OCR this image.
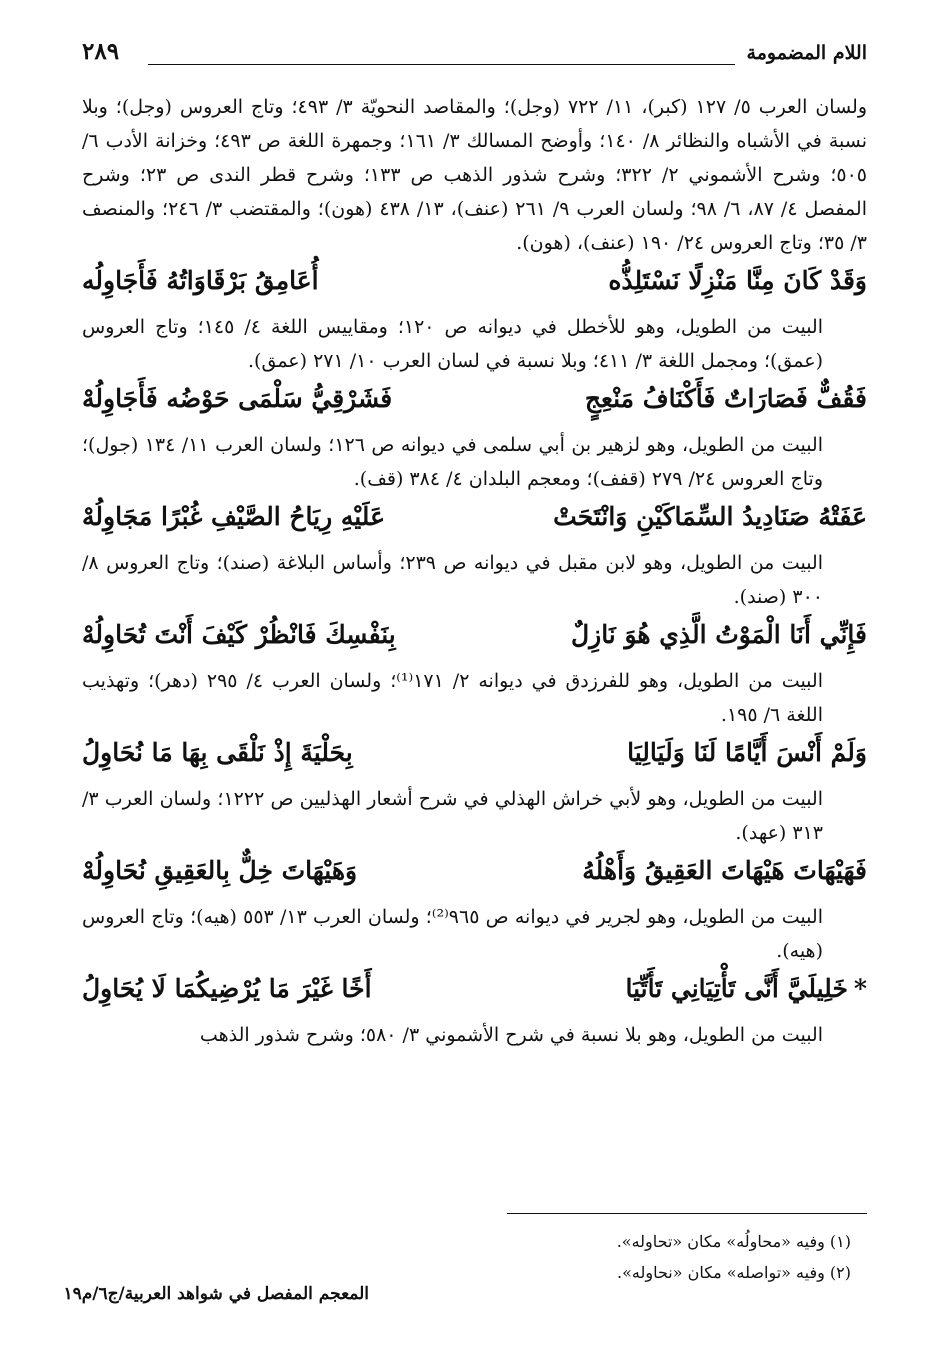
اللام المضمومة
٢٨٩

ولسان العرب ٥/ ١٢٧ (كبر)، ١١/ ٧٢٢ (وجل)؛ والمقاصد النحويّة ٣/ ٤٩٣؛ وتاج العروس (وجل)؛ وبلا نسبة في الأشباه والنظائر ٨/ ١٤٠؛ وأوضح المسالك ٣/ ١٦١؛ وجمهرة اللغة ص ٤٩٣؛ وخزانة الأدب ٦/ ٥٠٥؛ وشرح الأشموني ٢/ ٣٢٢؛ وشرح شذور الذهب ص ١٣٣؛ وشرح قطر الندى ص ٢٣؛ وشرح المفصل ٤/ ٨٧، ٦/ ٩٨؛ ولسان العرب ٩/ ٢٦١ (عنف)، ١٣/ ٤٣٨ (هون)؛ والمقتضب ٣/ ٢٤٦؛ والمنصف ٣/ ٣٥؛ وتاج العروس ٢٤/ ١٩٠ (عنف)، (هون).

وَقَدْ كَانَ مِنَّا مَنْزِلًا نَسْتَلِذُّه
أُعَامِقُ بَرْقَاوَاتُهُ فَأَجَاوِلُه

البيت من الطويل، وهو للأخطل في ديوانه ص ١٢٠؛ ومقاييس اللغة ٤/ ١٤٥؛ وتاج العروس (عمق)؛ ومجمل اللغة ٣/ ٤١١؛ وبلا نسبة في لسان العرب ١٠/ ٢٧١ (عمق).

فَقُفٌّ فَصَارَاتٌ فَأَكْنَافُ مَنْعِجٍ
فَشَرْقِيُّ سَلْمَى حَوْضُه فَأَجَاوِلُهْ

البيت من الطويل، وهو لزهير بن أبي سلمى في ديوانه ص ١٢٦؛ ولسان العرب ١١/ ١٣٤ (جول)؛ وتاج العروس ٢٤/ ٢٧٩ (قفف)؛ ومعجم البلدان ٤/ ٣٨٤ (قف).

عَفَتْهُ صَنَادِيدُ السِّمَاكَيْنِ وَانْتَحَتْ
عَلَيْهِ رِيَاحُ الصَّيْفِ غُبْرًا مَجَاوِلُهْ

البيت من الطويل، وهو لابن مقبل في ديوانه ص ٢٣٩؛ وأساس البلاغة (صند)؛ وتاج العروس ٨/ ٣٠٠ (صند).

فَإِنِّي أَنَا الْمَوْتُ الَّذِي هُوَ نَازِلٌ
بِنَفْسِكَ فَانْظُرْ كَيْفَ أَنْتَ تُحَاوِلُهْ

البيت من الطويل، وهو للفرزدق في ديوانه ٢/ ١٧١⁽¹⁾؛ ولسان العرب ٤/ ٢٩٥ (دهر)؛ وتهذيب اللغة ٦/ ١٩٥.

وَلَمْ أَنْسَ أَيَّامًا لَنَا وَلَيَالِيَا
بِحَلْيَةَ إِذْ نَلْقَى بِهَا مَا نُحَاوِلُ

البيت من الطويل، وهو لأبي خراش الهذلي في شرح أشعار الهذليين ص ١٢٢٢؛ ولسان العرب ٣/ ٣١٣ (عهد).

فَهَيْهَاتَ هَيْهَاتَ العَقِيقُ وَأَهْلُهُ
وَهَيْهَاتَ خِلٌّ بِالعَقِيقِ نُحَاوِلُهْ

البيت من الطويل، وهو لجرير في ديوانه ص ٩٦٥⁽²⁾؛ ولسان العرب ١٣/ ٥٥٣ (هيه)؛ وتاج العروس (هيه).

*خَلِيلَيَّ أَنَّى تَأْتِيَانِي تَأَتِّيَا
أَخًا غَيْرَ مَا يُرْضِيكُمَا لَا يُحَاوِلُ

البيت من الطويل، وهو بلا نسبة في شرح الأشموني ٣/ ٥٨٠؛ وشرح شذور الذهب

(١) وفيه «محاولُه» مكان «تحاوله».
(٢) وفيه «تواصله» مكان «نحاوله».
المعجم المفصل في شواهد العربية/ج٦/م١٩
